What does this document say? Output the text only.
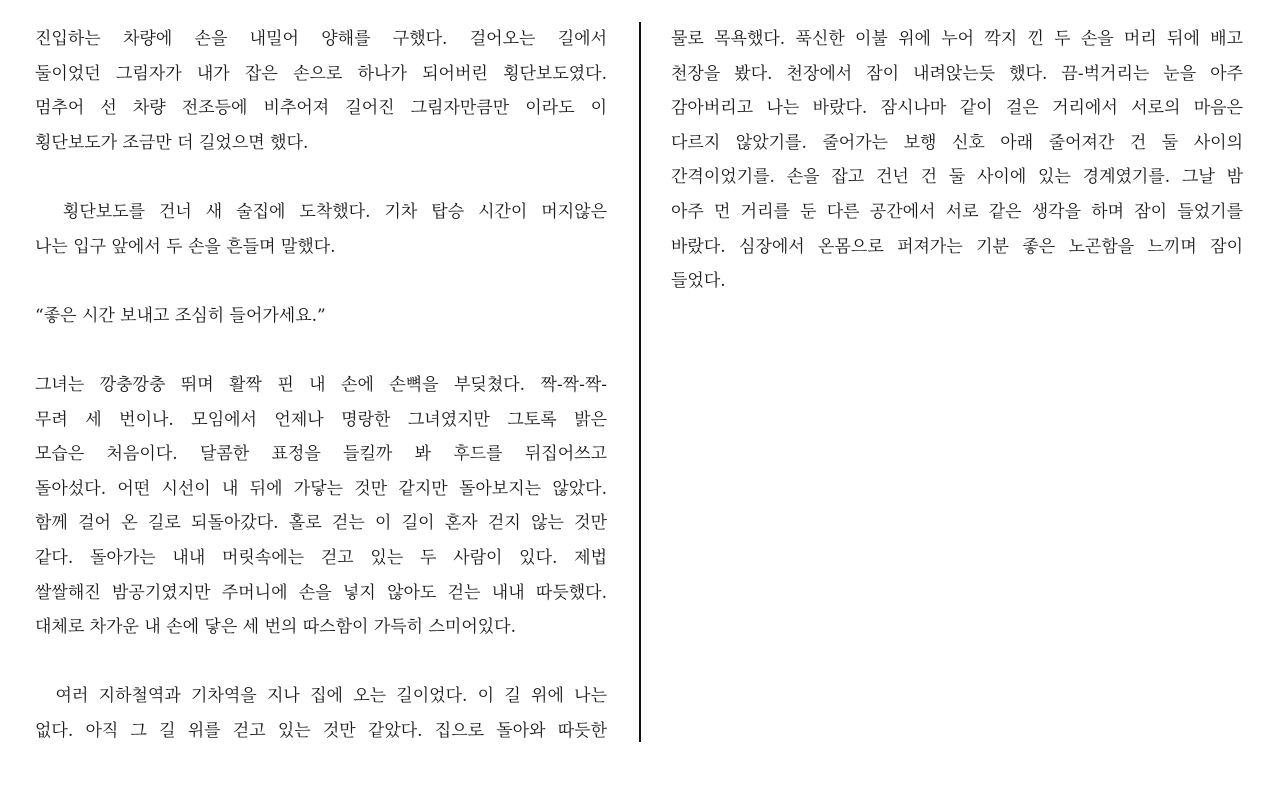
진입하는 차량에 손을 내밀어 양해를 구했다. 걸어오는 길에서
둘이었던 그림자가 내가 잡은 손으로 하나가 되어버린 횡단보도였다.
멈추어 선 차량 전조등에 비추어져 길어진 그림자만큼만 이라도 이
횡단보도가 조금만 더 길었으면 했다.
횡단보도를 건너 새 술집에 도착했다. 기차 탑승 시간이 머지않은
나는 입구 앞에서 두 손을 흔들며 말했다.
“좋은 시간 보내고 조심히 들어가세요.”
그녀는 깡충깡충 뛰며 활짝 핀 내 손에 손뼉을 부딪쳤다. 짝-짝-짝-
무려 세 번이나. 모임에서 언제나 명랑한 그녀였지만 그토록 밝은
모습은 처음이다. 달콤한 표정을 들킬까 봐 후드를 뒤집어쓰고
돌아섰다. 어떤 시선이 내 뒤에 가닿는 것만 같지만 돌아보지는 않았다.
함께 걸어 온 길로 되돌아갔다. 홀로 걷는 이 길이 혼자 걷지 않는 것만
같다. 돌아가는 내내 머릿속에는 걷고 있는 두 사람이 있다. 제법
쌀쌀해진 밤공기였지만 주머니에 손을 넣지 않아도 걷는 내내 따듯했다.
대체로 차가운 내 손에 닿은 세 번의 따스함이 가득히 스미어있다.
여러 지하철역과 기차역을 지나 집에 오는 길이었다. 이 길 위에 나는
없다. 아직 그 길 위를 걷고 있는 것만 같았다. 집으로 돌아와 따듯한
물로 목욕했다. 푹신한 이불 위에 누어 깍지 낀 두 손을 머리 뒤에 배고
천장을 봤다. 천장에서 잠이 내려앉는듯 했다. 끔-벅거리는 눈을 아주
감아버리고 나는 바랐다. 잠시나마 같이 걸은 거리에서 서로의 마음은
다르지 않았기를. 줄어가는 보행 신호 아래 줄어져간 건 둘 사이의
간격이었기를. 손을 잡고 건넌 건 둘 사이에 있는 경계였기를. 그날 밤
아주 먼 거리를 둔 다른 공간에서 서로 같은 생각을 하며 잠이 들었기를
바랐다. 심장에서 온몸으로 퍼져가는 기분 좋은 노곤함을 느끼며 잠이
들었다.
